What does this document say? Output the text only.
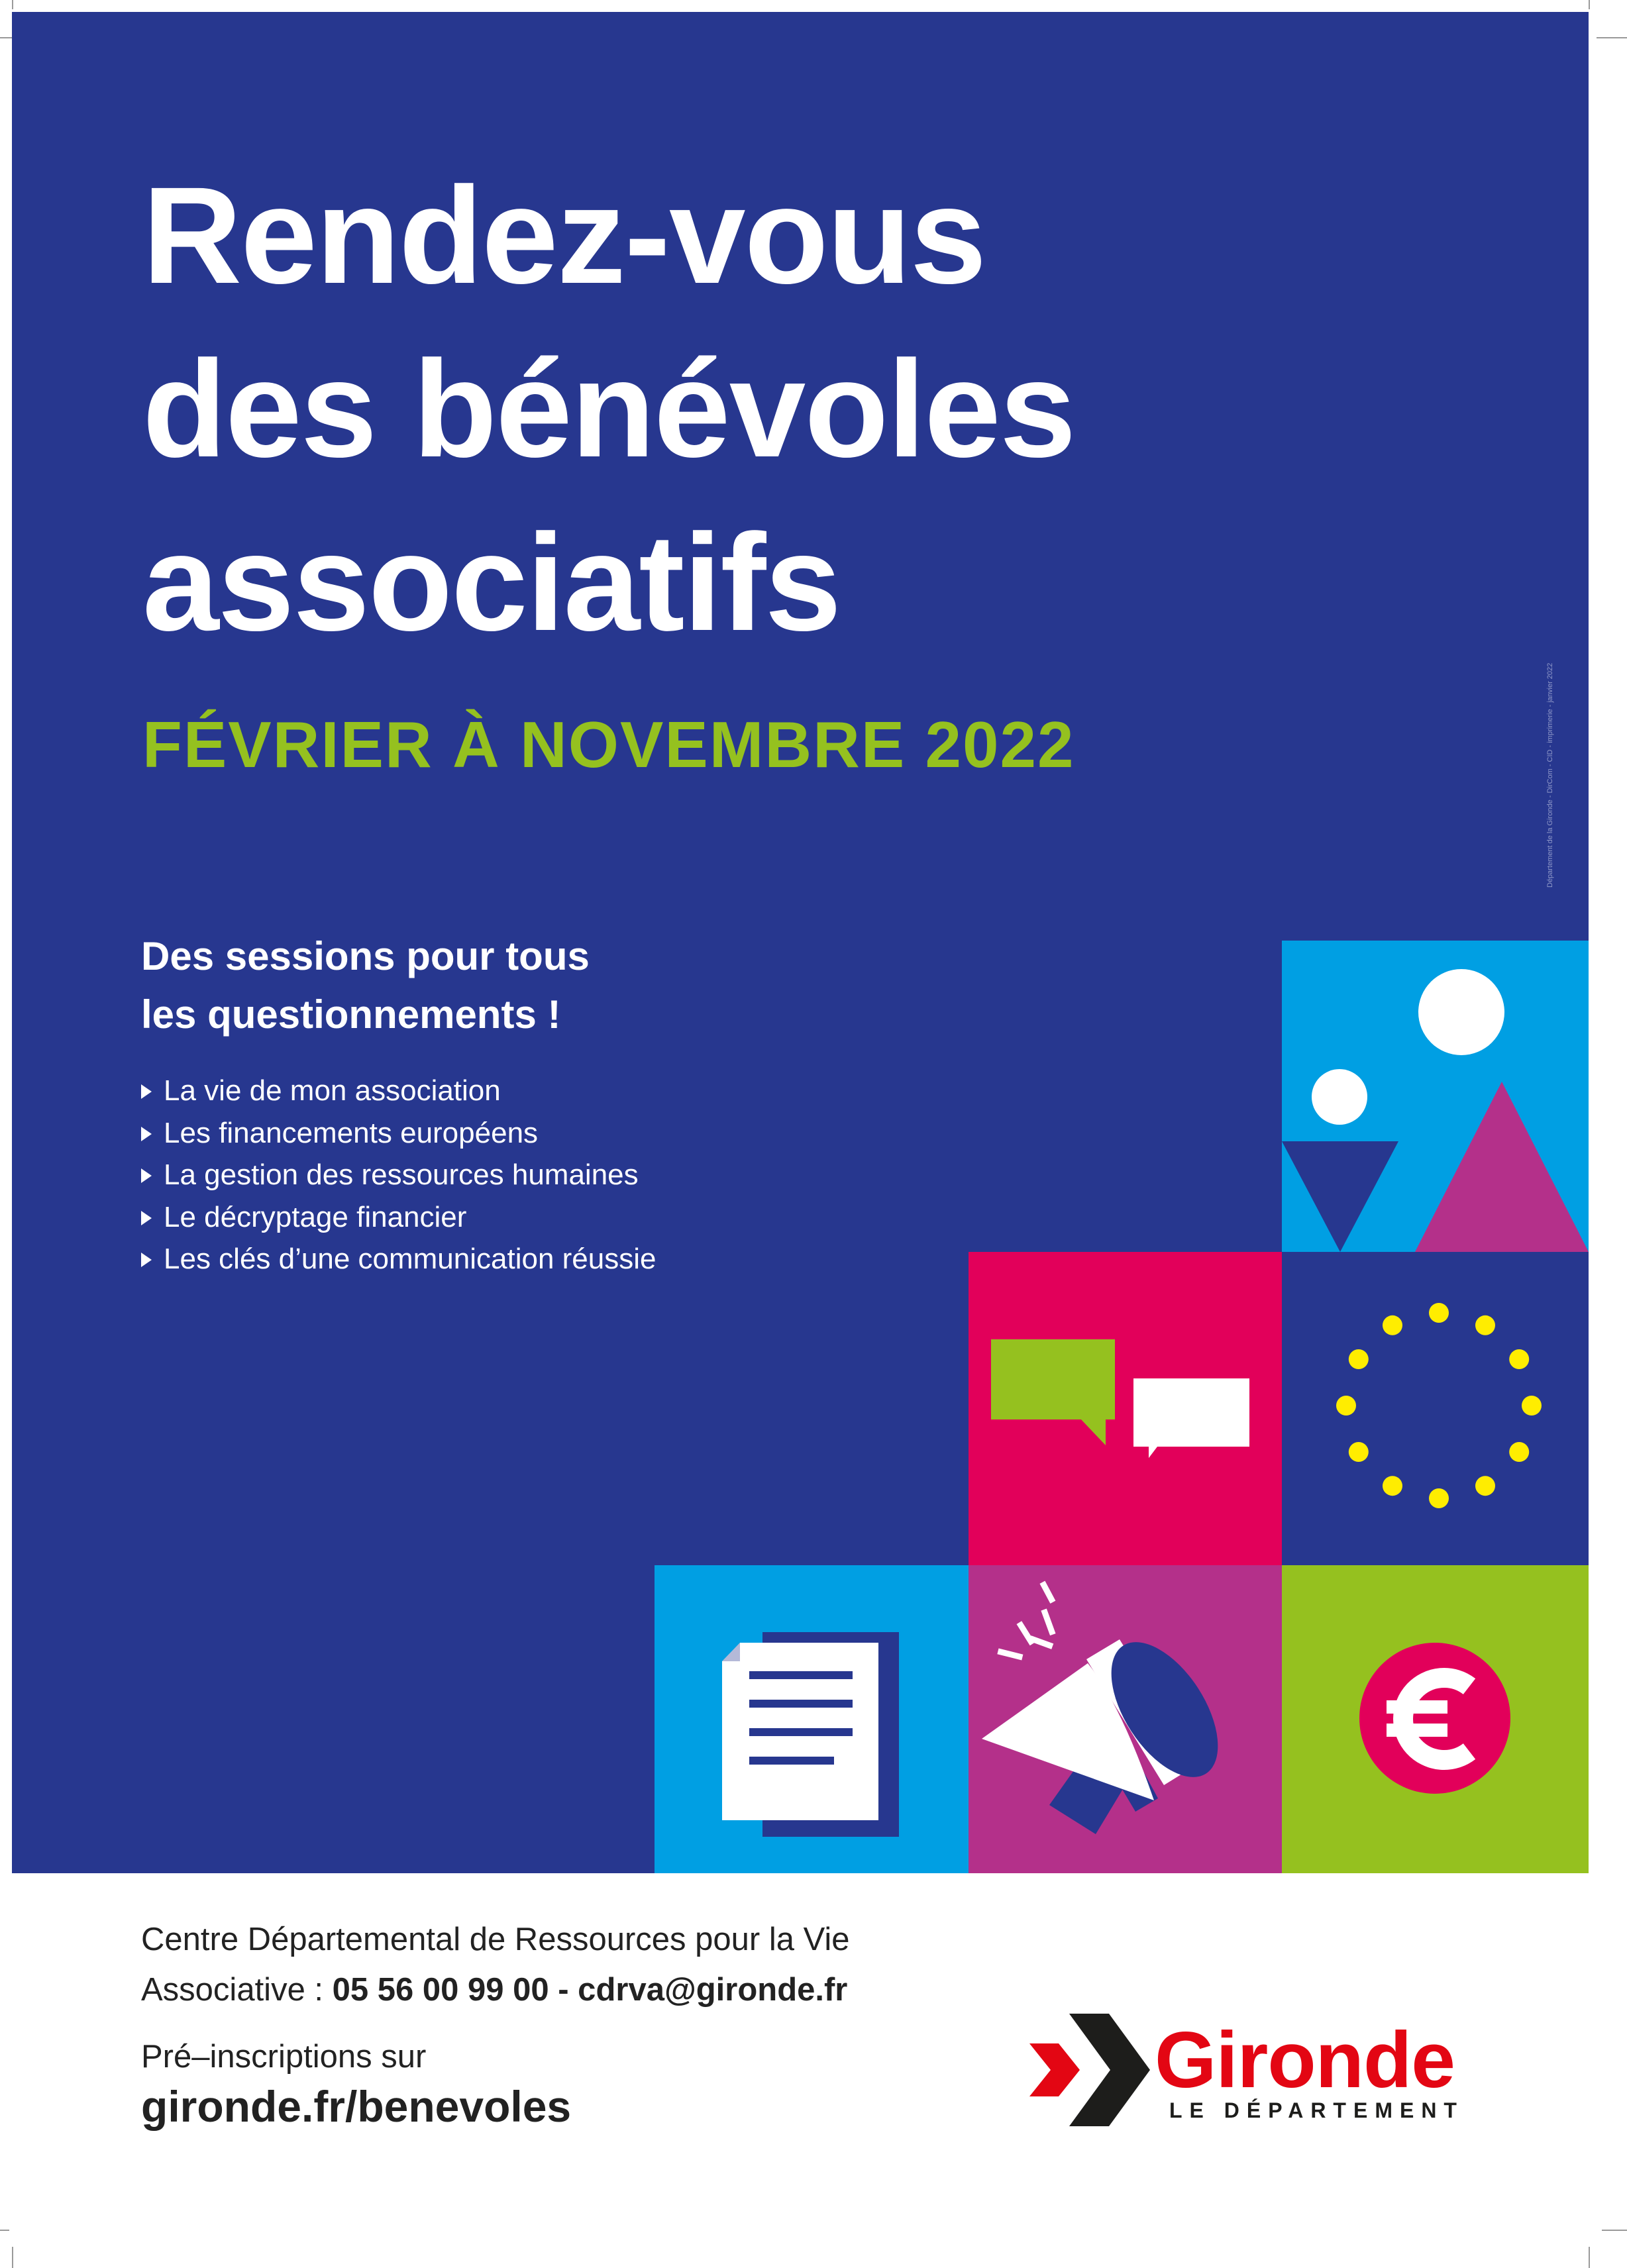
Rendez-vous
des bénévoles
associatifs
FÉVRIER À NOVEMBRE 2022
Des sessions pour tous
les questionnements !
La vie de mon association
Les financements européens
La gestion des ressources humaines
Le décryptage financier
Les clés d’une communication réussie
Département de la Gironde - DirCom - CID - imprimerie - janvier 2022
Centre Départemental de Ressources pour la Vie
Associative : 05 56 00 99 00 - cdrva@gironde.fr
Pré–inscriptions sur
gironde.fr/benevoles
Gironde
LE DÉPARTEMENT
